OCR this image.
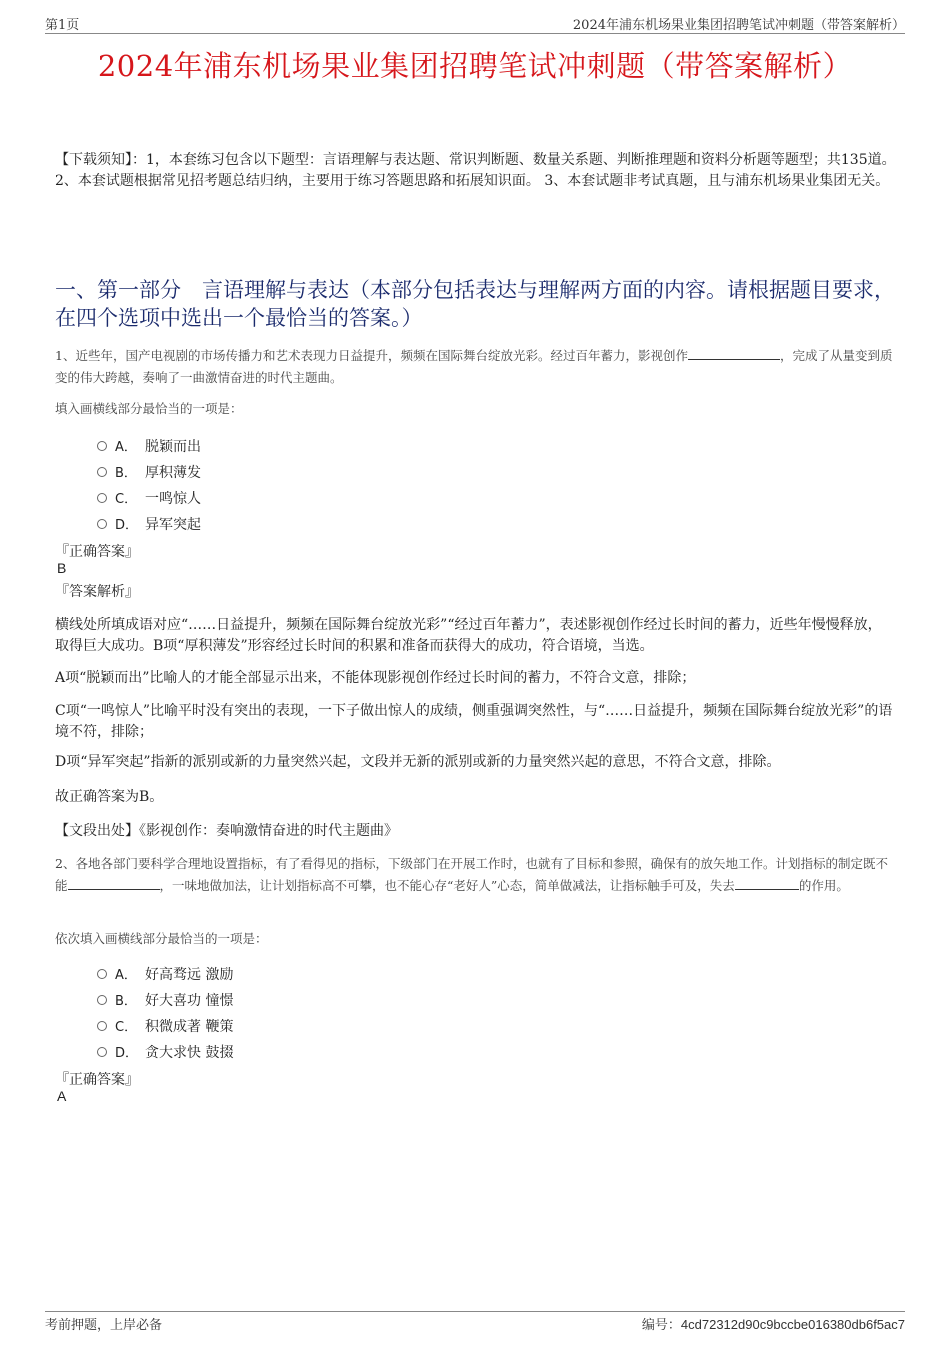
第1页	2024年浦东机场果业集团招聘笔试冲刺题（带答案解析）
2024年浦东机场果业集团招聘笔试冲刺题（带答案解析）
【下载须知】：1，本套练习包含以下题型：言语理解与表达题、常识判断题、数量关系题、判断推理题和资料分析题等题型；共135道。 2、本套试题根据常见招考题总结归纳，主要用于练习答题思路和拓展知识面。 3、本套试题非考试真题，且与浦东机场果业集团无关。
一、第一部分　言语理解与表达（本部分包括表达与理解两方面的内容。请根据题目要求，在四个选项中选出一个最恰当的答案。）
1、近些年，国产电视剧的市场传播力和艺术表现力日益提升，频频在国际舞台绽放光彩。经过百年蓄力，影视创作	，完成了从量变到质变的伟大跨越，奏响了一曲激情奋进的时代主题曲。
填入画横线部分最恰当的一项是：
A． 脱颖而出
B． 厚积薄发
C． 一鸣惊人
D． 异军突起
『正确答案』
B
『答案解析』
横线处所填成语对应“……日益提升，频频在国际舞台绽放光彩”“经过百年蓄力”，表述影视创作经过长时间的蓄力，近些年慢慢释放，取得巨大成功。B项“厚积薄发”形容经过长时间的积累和准备而获得大的成功，符合语境，当选。
A项“脱颖而出”比喻人的才能全部显示出来，不能体现影视创作经过长时间的蓄力，不符合文意，排除；
C项“一鸣惊人”比喻平时没有突出的表现，一下子做出惊人的成绩，侧重强调突然性，与“……日益提升，频频在国际舞台绽放光彩”的语境不符，排除；
D项“异军突起”指新的派别或新的力量突然兴起，文段并无新的派别或新的力量突然兴起的意思，不符合文意，排除。
故正确答案为B。
【文段出处】《影视创作：奏响激情奋进的时代主题曲》
2、各地各部门要科学合理地设置指标，有了看得见的指标，下级部门在开展工作时，也就有了目标和参照，确保有的放矢地工作。计划指标的制定既不能	，一味地做加法，让计划指标高不可攀，也不能心存“老好人”心态，简单做减法，让指标触手可及，失去	的作用。
依次填入画横线部分最恰当的一项是：
A． 好高骛远 激励
B． 好大喜功 憧憬
C． 积微成著 鞭策
D． 贪大求快 鼓掇
『正确答案』
A
考前押题，上岸必备	编号：4cd72312d90c9bccbe016380db6f5ac7
